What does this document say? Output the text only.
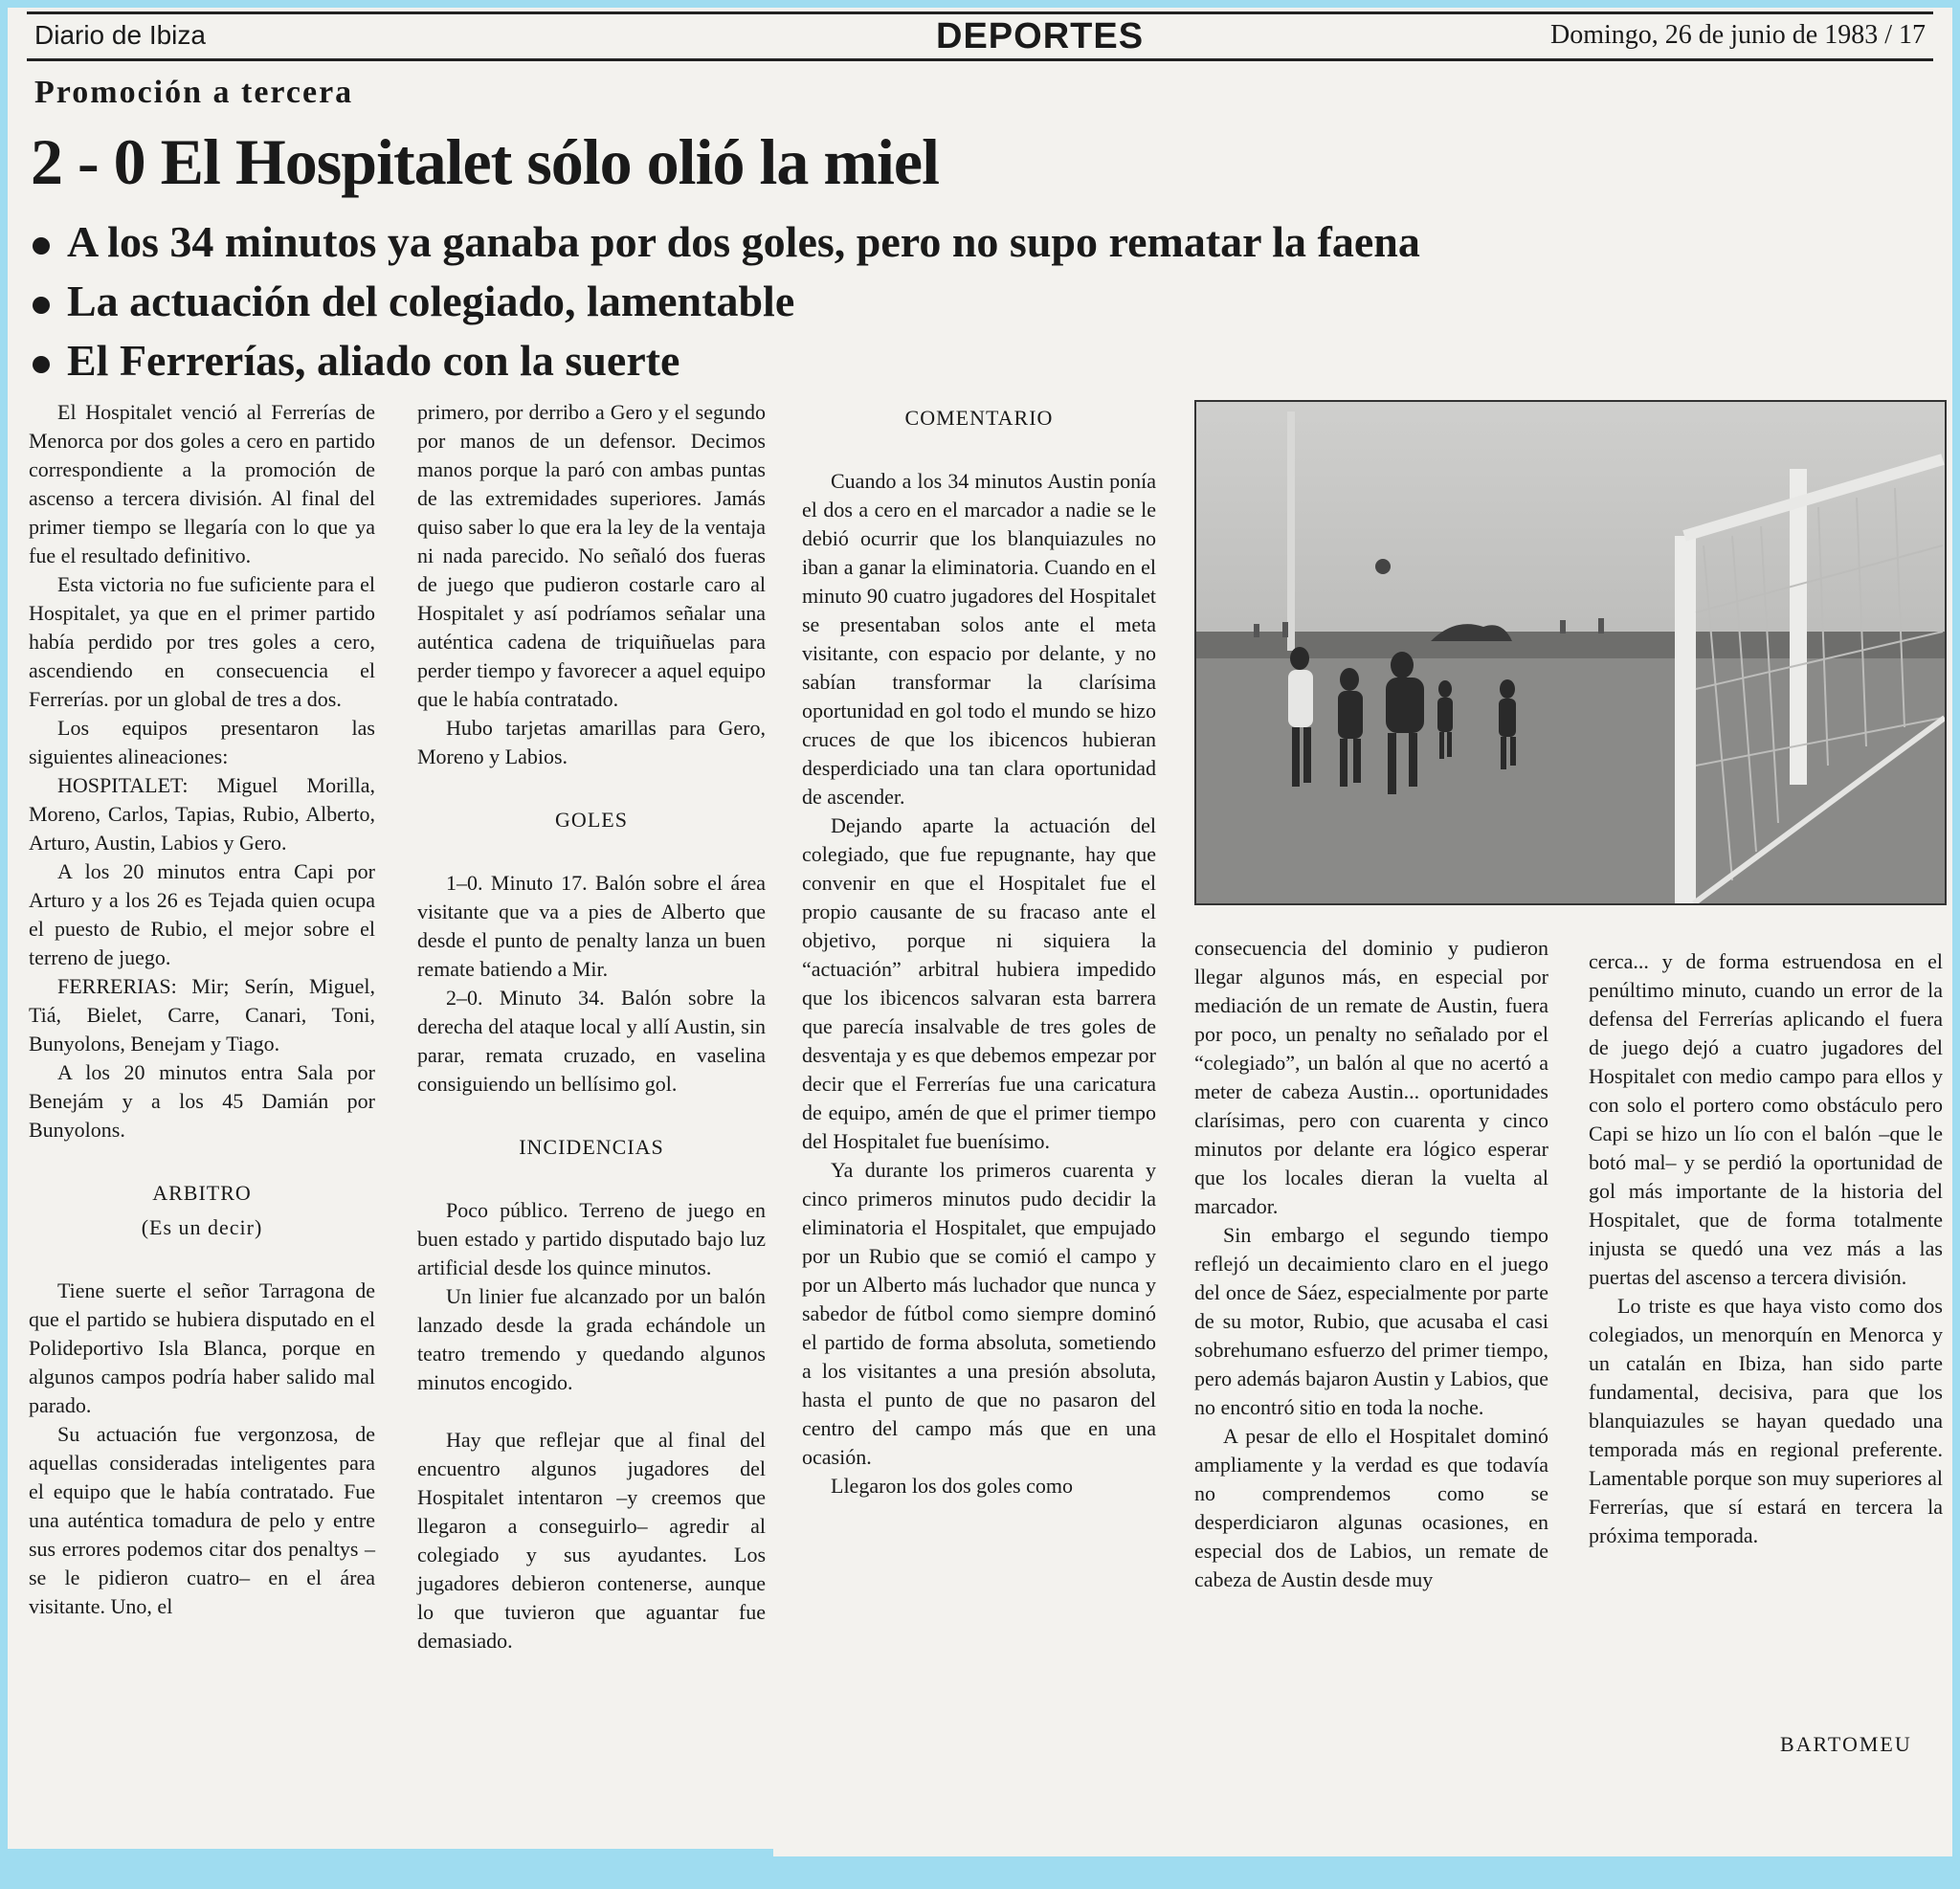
Diario de Ibiza	DEPORTES	Domingo, 26 de junio de 1983 / 17
Promoción a tercera
2 - 0 El Hospitalet sólo olió la miel
A los 34 minutos ya ganaba por dos goles, pero no supo rematar la faena
La actuación del colegiado, lamentable
El Ferrerías, aliado con la suerte

El Hospitalet venció al Ferrerías de Menorca por dos goles a cero en partido correspondiente a la promoción de ascenso a tercera división. Al final del primer tiempo se llegaría con lo que ya fue el resultado definitivo.

Esta victoria no fue suficiente para el Hospitalet, ya que en el primer partido había perdido por tres goles a cero, ascendiendo en consecuencia el Ferrerías. por un global de tres a dos.

Los equipos presentaron las siguientes alineaciones:

HOSPITALET: Miguel Morilla, Moreno, Carlos, Tapias, Rubio, Alberto, Arturo, Austin, Labios y Gero.

A los 20 minutos entra Capi por Arturo y a los 26 es Tejada quien ocupa el puesto de Rubio, el mejor sobre el terreno de juego.

FERRERIAS: Mir; Serín, Miguel, Tiá, Bielet, Carre, Canari, Toni, Bunyolons, Benejam y Tiago.

A los 20 minutos entra Sala por Benejám y a los 45 Damián por Bunyolons.

ARBITRO

(Es un decir)

Tiene suerte el señor Tarragona de que el partido se hubiera disputado en el Polideportivo Isla Blanca, porque en algunos campos podría haber salido mal parado.

Su actuación fue vergonzosa, de aquellas consideradas inteligentes para el equipo que le había contratado. Fue una auténtica tomadura de pelo y entre sus errores podemos citar dos penaltys –se le pidieron cuatro– en el área visitante. Uno, el

primero, por derribo a Gero y el segundo por manos de un defensor. Decimos manos porque la paró con ambas puntas de las extremidades superiores. Jamás quiso saber lo que era la ley de la ventaja ni nada parecido. No señaló dos fueras de juego que pudieron costarle caro al Hospitalet y así podríamos señalar una auténtica cadena de triquiñuelas para perder tiempo y favorecer a aquel equipo que le había contratado.

Hubo tarjetas amarillas para Gero, Moreno y Labios.

GOLES

1–0. Minuto 17. Balón sobre el área visitante que va a pies de Alberto que desde el punto de penalty lanza un buen remate batiendo a Mir.

2–0. Minuto 34. Balón sobre la derecha del ataque local y allí Austin, sin parar, remata cruzado, en vaselina consiguiendo un bellísimo gol.

INCIDENCIAS

Poco público. Terreno de juego en buen estado y partido disputado bajo luz artificial desde los quince minutos.

Un linier fue alcanzado por un balón lanzado desde la grada echándole un teatro tremendo y quedando algunos minutos encogido.

Hay que reflejar que al final del encuentro algunos jugadores del Hospitalet intentaron –y creemos que llegaron a conseguirlo– agredir al colegiado y sus ayudantes. Los jugadores debieron contenerse, aunque lo que tuvieron que aguantar fue demasiado.

COMENTARIO

Cuando a los 34 minutos Austin ponía el dos a cero en el marcador a nadie se le debió ocurrir que los blanquiazules no iban a ganar la eliminatoria. Cuando en el minuto 90 cuatro jugadores del Hospitalet se presentaban solos ante el meta visitante, con espacio por delante, y no sabían transformar la clarísima oportunidad en gol todo el mundo se hizo cruces de que los ibicencos hubieran desperdiciado una tan clara oportunidad de ascender.

Dejando aparte la actuación del colegiado, que fue repugnante, hay que convenir en que el Hospitalet fue el propio causante de su fracaso ante el objetivo, porque ni siquiera la “actuación” arbitral hubiera impedido que los ibicencos salvaran esta barrera que parecía insalvable de tres goles de desventaja y es que debemos empezar por decir que el Ferrerías fue una caricatura de equipo, amén de que el primer tiempo del Hospitalet fue buenísimo.

Ya durante los primeros cuarenta y cinco primeros minutos pudo decidir la eliminatoria el Hospitalet, que empujado por un Rubio que se comió el campo y por un Alberto más luchador que nunca y sabedor de fútbol como siempre dominó el partido de forma absoluta, sometiendo a los visitantes a una presión absoluta, hasta el punto de que no pasaron del centro del campo más que en una ocasión.

Llegaron los dos goles como

consecuencia del dominio y pudieron llegar algunos más, en especial por mediación de un remate de Austin, fuera por poco, un penalty no señalado por el “colegiado”, un balón al que no acertó a meter de cabeza Austin... oportunidades clarísimas, pero con cuarenta y cinco minutos por delante era lógico esperar que los locales dieran la vuelta al marcador.

Sin embargo el segundo tiempo reflejó un decaimiento claro en el juego del once de Sáez, especialmente por parte de su motor, Rubio, que acusaba el casi sobrehumano esfuerzo del primer tiempo, pero además bajaron Austin y Labios, que no encontró sitio en toda la noche.

A pesar de ello el Hospitalet dominó ampliamente y la verdad es que todavía no comprendemos como se desperdiciaron algunas ocasiones, en especial dos de Labios, un remate de cabeza de Austin desde muy

cerca... y de forma estruendosa en el penúltimo minuto, cuando un error de la defensa del Ferrerías aplicando el fuera de juego dejó a cuatro jugadores del Hospitalet con medio campo para ellos y con solo el portero como obstáculo pero Capi se hizo un lío con el balón –que le botó mal– y se perdió la oportunidad de gol más importante de la historia del Hospitalet, que de forma totalmente injusta se quedó una vez más a las puertas del ascenso a tercera división.

Lo triste es que haya visto como dos colegiados, un menorquín en Menorca y un catalán en Ibiza, han sido parte fundamental, decisiva, para que los blanquiazules se hayan quedado una temporada más en regional preferente. Lamentable porque son muy superiores al Ferrerías, que sí estará en tercera la próxima temporada.

BARTOMEU
